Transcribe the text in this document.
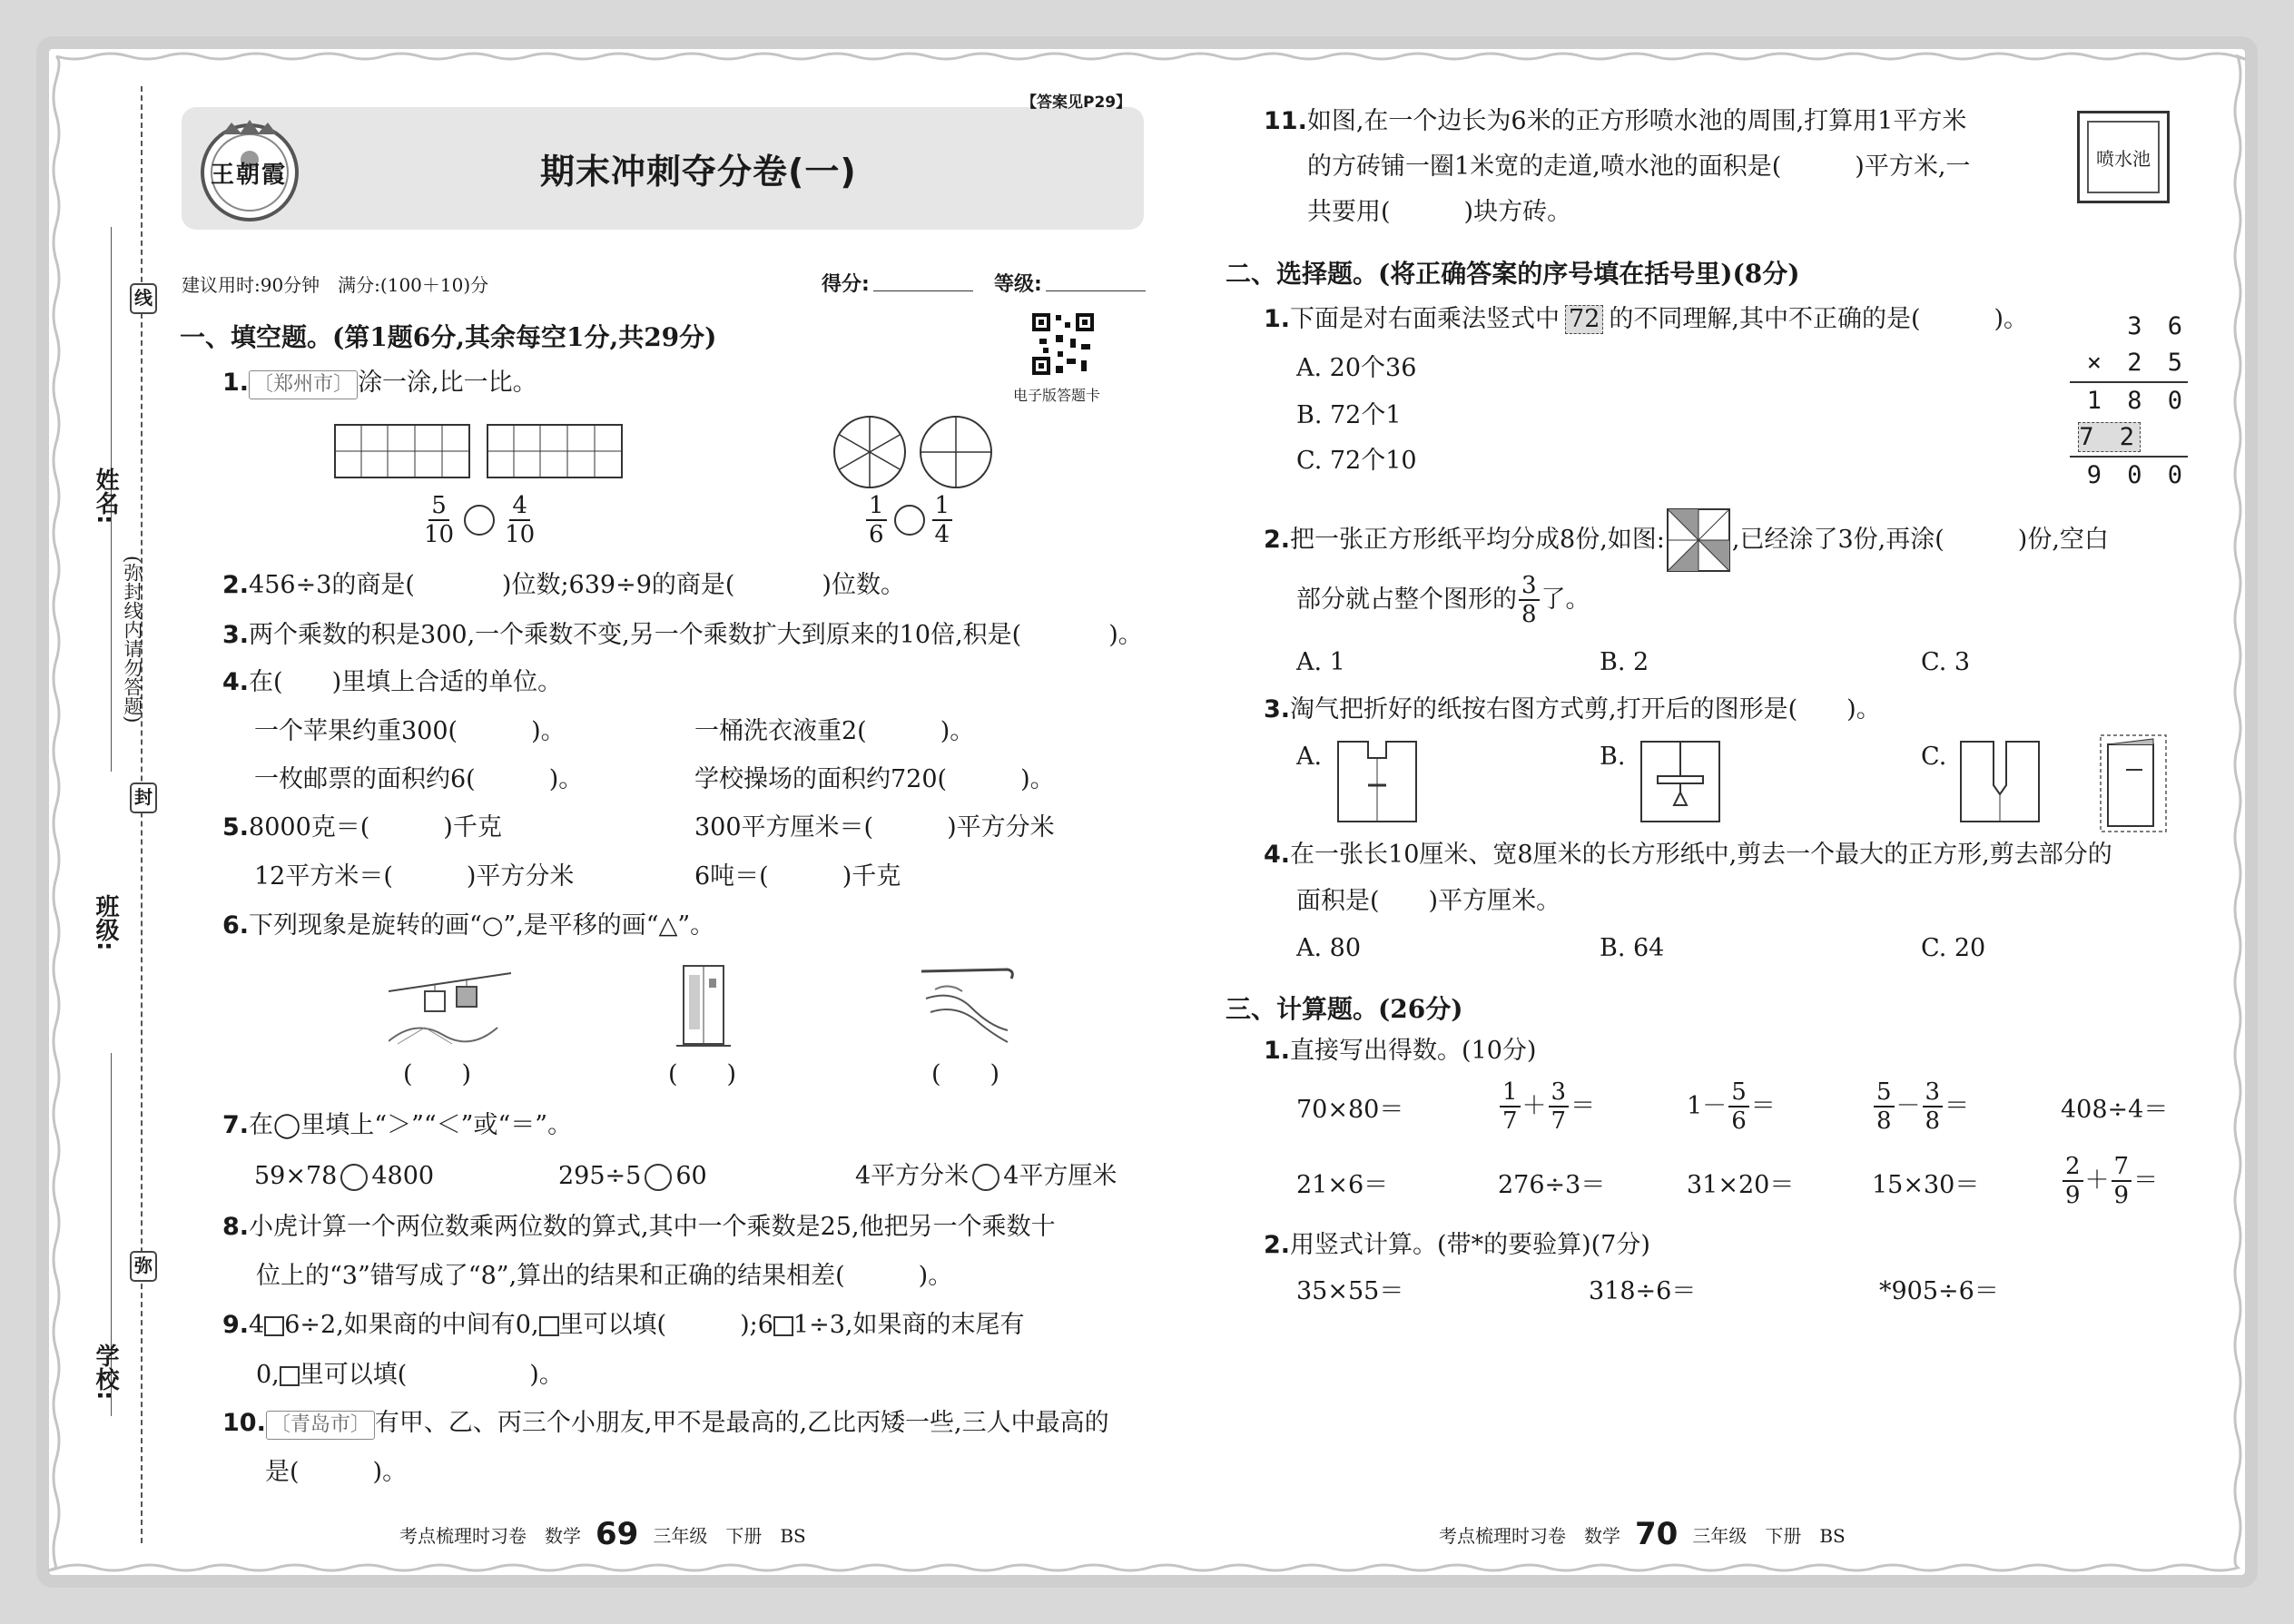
线
封
弥
姓名:
班级:
学校:
(弥封线内请勿答题)
王朝霞
【答案见P29】
期末冲刺夺分卷(一)
建议用时:90分钟　满分:(100＋10)分	得分:	等级:
电子版答题卡
一、填空题。(第1题6分,其余每空1分,共29分)
1. 〔郑州市〕 涂一涂,比一比。
$\frac{5}{10} \frac{4}{10}$	$\frac{1}{6} \frac{1}{4}$
2.456÷3的商是(	)位数;639÷9的商是(	)位数。
3.两个乘数的积是300,一个乘数不变,另一个乘数扩大到原来的10倍,积是(	)。
4.在(　　)里填上合适的单位。
一个苹果约重300(　　　)。	一桶洗衣液重2(　　　)。
一枚邮票的面积约6(　　　)。	学校操场的面积约720(　　　)。
5.8000克＝(　　　)千克	300平方厘米＝(　　　)平方分米
12平方米＝(　　　)平方分米	6吨＝(　　　)千克
6.下列现象是旋转的画“○”,是平移的画“△”。
(　　)	(　　)	(　　)
7.在◯里填上“＞”“＜”或“＝”。
59×78 4800	295÷5 60	4平方分米 4平方厘米
8.小虎计算一个两位数乘两位数的算式,其中一个乘数是25,他把另一个乘数十
位上的“3”错写成了“8”,算出的结果和正确的结果相差(　　　)。
9.4 6÷2,如果商的中间有0, 里可以填(　　　);6 1÷3,如果商的末尾有
0, 里可以填(　　　　　)。
10. 〔青岛市〕 有甲、乙、丙三个小朋友,甲不是最高的,乙比丙矮一些,三人中最高的
是(　　　)。
考点梳理时习卷　数学 69 三年级　下册　BS
11.如图,在一个边长为6米的正方形喷水池的周围,打算用1平方米
的方砖铺一圈1米宽的走道,喷水池的面积是(　　　)平方米,一
共要用(　　　)块方砖。
喷水池
二、选择题。(将正确答案的序号填在括号里)(8分)
1.下面是对右面乘法竖式中 72 的不同理解,其中不正确的是(　　　)。
A. 20个36
B. 72个1
C. 72个10
3 6
× 2 5
1 8 0
7 2
9 0 0
2. 把一张正方形纸平均分成8份,如图:	,已经涂了3份,再涂(　　　)份,空白
部分就占整个图形的 $\frac{3}{8}$ 了。
A. 1	B. 2	C. 3
3.淘气把折好的纸按右图方式剪,打开后的图形是(　　)。
A.	B.	C.
4.在一张长10厘米、宽8厘米的长方形纸中,剪去一个最大的正方形,剪去部分的
面积是(　　)平方厘米。
A. 80	B. 64	C. 20
三、计算题。(26分)
1.直接写出得数。(10分)
70×80＝	$\frac{1}{7} + \frac{3}{7}$ ＝	$1- \frac{5}{6}$ ＝	$\frac{5}{8} - \frac{3}{8}$ ＝	408÷4＝
21×6＝	276÷3＝	31×20＝	15×30＝	$\frac{2}{9} + \frac{7}{9}$ ＝
2.用竖式计算。(带*的要验算)(7分)
35×55＝	318÷6＝	*905÷6＝
考点梳理时习卷　数学 70 三年级　下册　BS
